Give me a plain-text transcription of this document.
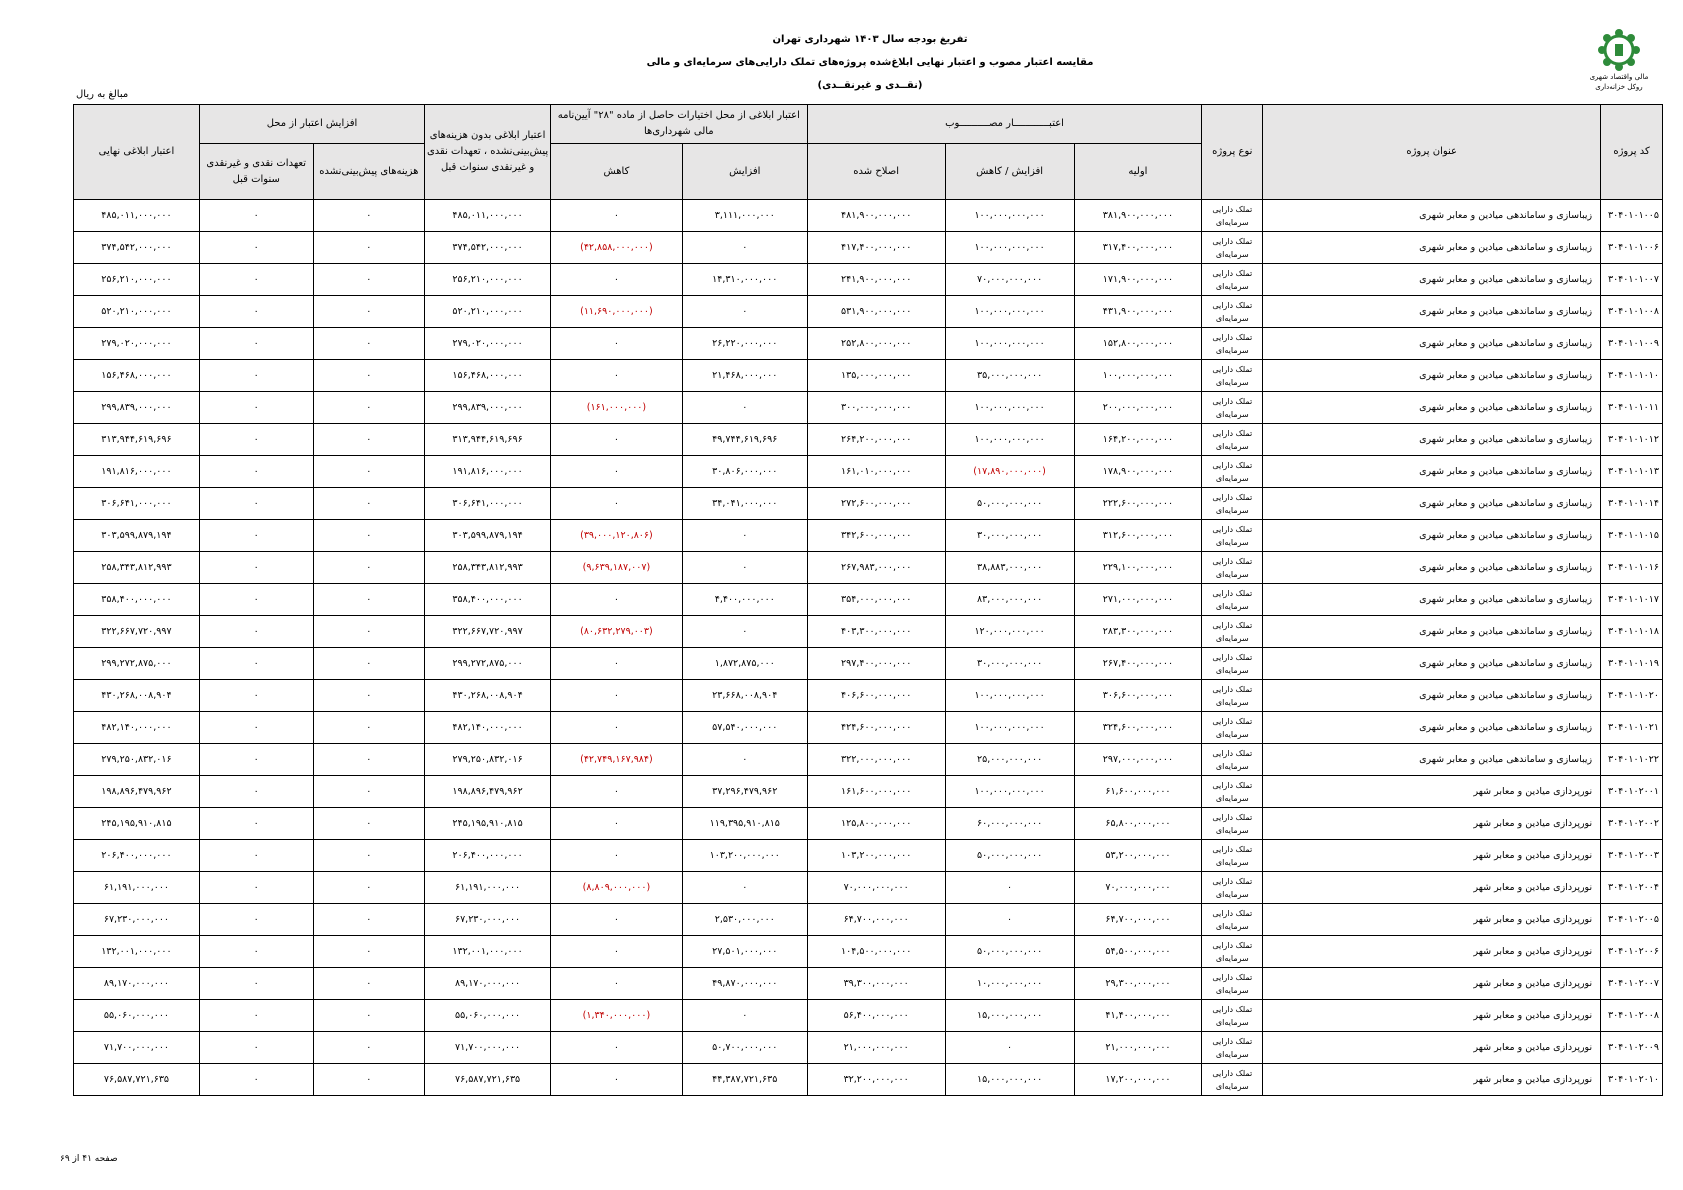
مالی واقتصاد شهری
روکل خزانه‌داری
تفریغ بودجه سال ۱۴۰۳ شهرداری تهران
مقایسه اعتبار مصوب و اعتبار نهایی ابلاغ‌شده پروژه‌های تملک دارایی‌های سرمایه‌ای و مالی
(نقــدی و غیرنقــدی)
مبالغ به ریال
کد پروژه	عنوان پروژه	نوع پروژه	اعتبــــــــــــار مصــــــــــوب			اعتبار ابلاغی از محل اختیارات حاصل از ماده "۲۸" آیین‌نامه مالی شهرداری‌ها		اعتبار ابلاغی بدون هزینه‌های پیش‌بینی‌نشده ، تعهدات نقدی و غیرنقدی سنوات قبل	افزایش اعتبار از محل		اعتبار ابلاغی نهایی
			اولیه	افزایش / کاهش	اصلاح شده	افزایش	کاهش		هزینه‌های پیش‌بینی‌نشده	تعهدات نقدی و غیرنقدی سنوات قبل	
۳۰۴۰۱۰۱۰۰۵	زیباسازی و ساماندهی میادین و معابر شهری	تملک دارایی
سرمایه‌ای	۳۸۱,۹۰۰,۰۰۰,۰۰۰	۱۰۰,۰۰۰,۰۰۰,۰۰۰	۴۸۱,۹۰۰,۰۰۰,۰۰۰	۳,۱۱۱,۰۰۰,۰۰۰	۰	۴۸۵,۰۱۱,۰۰۰,۰۰۰	۰	۰	۴۸۵,۰۱۱,۰۰۰,۰۰۰
۳۰۴۰۱۰۱۰۰۶	زیباسازی و ساماندهی میادین و معابر شهری	تملک دارایی
سرمایه‌ای	۳۱۷,۴۰۰,۰۰۰,۰۰۰	۱۰۰,۰۰۰,۰۰۰,۰۰۰	۴۱۷,۴۰۰,۰۰۰,۰۰۰	۰	(۴۲,۸۵۸,۰۰۰,۰۰۰)	۳۷۴,۵۴۲,۰۰۰,۰۰۰	۰	۰	۳۷۴,۵۴۲,۰۰۰,۰۰۰
۳۰۴۰۱۰۱۰۰۷	زیباسازی و ساماندهی میادین و معابر شهری	تملک دارایی
سرمایه‌ای	۱۷۱,۹۰۰,۰۰۰,۰۰۰	۷۰,۰۰۰,۰۰۰,۰۰۰	۲۴۱,۹۰۰,۰۰۰,۰۰۰	۱۴,۳۱۰,۰۰۰,۰۰۰	۰	۲۵۶,۲۱۰,۰۰۰,۰۰۰	۰	۰	۲۵۶,۲۱۰,۰۰۰,۰۰۰
۳۰۴۰۱۰۱۰۰۸	زیباسازی و ساماندهی میادین و معابر شهری	تملک دارایی
سرمایه‌ای	۴۳۱,۹۰۰,۰۰۰,۰۰۰	۱۰۰,۰۰۰,۰۰۰,۰۰۰	۵۳۱,۹۰۰,۰۰۰,۰۰۰	۰	(۱۱,۶۹۰,۰۰۰,۰۰۰)	۵۲۰,۲۱۰,۰۰۰,۰۰۰	۰	۰	۵۲۰,۲۱۰,۰۰۰,۰۰۰
۳۰۴۰۱۰۱۰۰۹	زیباسازی و ساماندهی میادین و معابر شهری	تملک دارایی
سرمایه‌ای	۱۵۲,۸۰۰,۰۰۰,۰۰۰	۱۰۰,۰۰۰,۰۰۰,۰۰۰	۲۵۲,۸۰۰,۰۰۰,۰۰۰	۲۶,۲۲۰,۰۰۰,۰۰۰	۰	۲۷۹,۰۲۰,۰۰۰,۰۰۰	۰	۰	۲۷۹,۰۲۰,۰۰۰,۰۰۰
۳۰۴۰۱۰۱۰۱۰	زیباسازی و ساماندهی میادین و معابر شهری	تملک دارایی
سرمایه‌ای	۱۰۰,۰۰۰,۰۰۰,۰۰۰	۳۵,۰۰۰,۰۰۰,۰۰۰	۱۳۵,۰۰۰,۰۰۰,۰۰۰	۲۱,۴۶۸,۰۰۰,۰۰۰	۰	۱۵۶,۴۶۸,۰۰۰,۰۰۰	۰	۰	۱۵۶,۴۶۸,۰۰۰,۰۰۰
۳۰۴۰۱۰۱۰۱۱	زیباسازی و ساماندهی میادین و معابر شهری	تملک دارایی
سرمایه‌ای	۲۰۰,۰۰۰,۰۰۰,۰۰۰	۱۰۰,۰۰۰,۰۰۰,۰۰۰	۳۰۰,۰۰۰,۰۰۰,۰۰۰	۰	(۱۶۱,۰۰۰,۰۰۰)	۲۹۹,۸۳۹,۰۰۰,۰۰۰	۰	۰	۲۹۹,۸۳۹,۰۰۰,۰۰۰
۳۰۴۰۱۰۱۰۱۲	زیباسازی و ساماندهی میادین و معابر شهری	تملک دارایی
سرمایه‌ای	۱۶۴,۲۰۰,۰۰۰,۰۰۰	۱۰۰,۰۰۰,۰۰۰,۰۰۰	۲۶۴,۲۰۰,۰۰۰,۰۰۰	۴۹,۷۴۴,۶۱۹,۶۹۶	۰	۳۱۳,۹۴۴,۶۱۹,۶۹۶	۰	۰	۳۱۳,۹۴۴,۶۱۹,۶۹۶
۳۰۴۰۱۰۱۰۱۳	زیباسازی و ساماندهی میادین و معابر شهری	تملک دارایی
سرمایه‌ای	۱۷۸,۹۰۰,۰۰۰,۰۰۰	(۱۷,۸۹۰,۰۰۰,۰۰۰)	۱۶۱,۰۱۰,۰۰۰,۰۰۰	۳۰,۸۰۶,۰۰۰,۰۰۰	۰	۱۹۱,۸۱۶,۰۰۰,۰۰۰	۰	۰	۱۹۱,۸۱۶,۰۰۰,۰۰۰
۳۰۴۰۱۰۱۰۱۴	زیباسازی و ساماندهی میادین و معابر شهری	تملک دارایی
سرمایه‌ای	۲۲۲,۶۰۰,۰۰۰,۰۰۰	۵۰,۰۰۰,۰۰۰,۰۰۰	۲۷۲,۶۰۰,۰۰۰,۰۰۰	۳۴,۰۴۱,۰۰۰,۰۰۰	۰	۳۰۶,۶۴۱,۰۰۰,۰۰۰	۰	۰	۳۰۶,۶۴۱,۰۰۰,۰۰۰
۳۰۴۰۱۰۱۰۱۵	زیباسازی و ساماندهی میادین و معابر شهری	تملک دارایی
سرمایه‌ای	۳۱۲,۶۰۰,۰۰۰,۰۰۰	۳۰,۰۰۰,۰۰۰,۰۰۰	۳۴۲,۶۰۰,۰۰۰,۰۰۰	۰	(۳۹,۰۰۰,۱۲۰,۸۰۶)	۳۰۳,۵۹۹,۸۷۹,۱۹۴	۰	۰	۳۰۳,۵۹۹,۸۷۹,۱۹۴
۳۰۴۰۱۰۱۰۱۶	زیباسازی و ساماندهی میادین و معابر شهری	تملک دارایی
سرمایه‌ای	۲۲۹,۱۰۰,۰۰۰,۰۰۰	۳۸,۸۸۳,۰۰۰,۰۰۰	۲۶۷,۹۸۳,۰۰۰,۰۰۰	۰	(۹,۶۳۹,۱۸۷,۰۰۷)	۲۵۸,۳۴۳,۸۱۲,۹۹۳	۰	۰	۲۵۸,۳۴۳,۸۱۲,۹۹۳
۳۰۴۰۱۰۱۰۱۷	زیباسازی و ساماندهی میادین و معابر شهری	تملک دارایی
سرمایه‌ای	۲۷۱,۰۰۰,۰۰۰,۰۰۰	۸۳,۰۰۰,۰۰۰,۰۰۰	۳۵۴,۰۰۰,۰۰۰,۰۰۰	۴,۴۰۰,۰۰۰,۰۰۰	۰	۳۵۸,۴۰۰,۰۰۰,۰۰۰	۰	۰	۳۵۸,۴۰۰,۰۰۰,۰۰۰
۳۰۴۰۱۰۱۰۱۸	زیباسازی و ساماندهی میادین و معابر شهری	تملک دارایی
سرمایه‌ای	۲۸۳,۳۰۰,۰۰۰,۰۰۰	۱۲۰,۰۰۰,۰۰۰,۰۰۰	۴۰۳,۳۰۰,۰۰۰,۰۰۰	۰	(۸۰,۶۳۲,۲۷۹,۰۰۳)	۳۲۲,۶۶۷,۷۲۰,۹۹۷	۰	۰	۳۲۲,۶۶۷,۷۲۰,۹۹۷
۳۰۴۰۱۰۱۰۱۹	زیباسازی و ساماندهی میادین و معابر شهری	تملک دارایی
سرمایه‌ای	۲۶۷,۴۰۰,۰۰۰,۰۰۰	۳۰,۰۰۰,۰۰۰,۰۰۰	۲۹۷,۴۰۰,۰۰۰,۰۰۰	۱,۸۷۲,۸۷۵,۰۰۰	۰	۲۹۹,۲۷۲,۸۷۵,۰۰۰	۰	۰	۲۹۹,۲۷۲,۸۷۵,۰۰۰
۳۰۴۰۱۰۱۰۲۰	زیباسازی و ساماندهی میادین و معابر شهری	تملک دارایی
سرمایه‌ای	۳۰۶,۶۰۰,۰۰۰,۰۰۰	۱۰۰,۰۰۰,۰۰۰,۰۰۰	۴۰۶,۶۰۰,۰۰۰,۰۰۰	۲۳,۶۶۸,۰۰۸,۹۰۴	۰	۴۳۰,۲۶۸,۰۰۸,۹۰۴	۰	۰	۴۳۰,۲۶۸,۰۰۸,۹۰۴
۳۰۴۰۱۰۱۰۲۱	زیباسازی و ساماندهی میادین و معابر شهری	تملک دارایی
سرمایه‌ای	۳۲۴,۶۰۰,۰۰۰,۰۰۰	۱۰۰,۰۰۰,۰۰۰,۰۰۰	۴۲۴,۶۰۰,۰۰۰,۰۰۰	۵۷,۵۴۰,۰۰۰,۰۰۰	۰	۴۸۲,۱۴۰,۰۰۰,۰۰۰	۰	۰	۴۸۲,۱۴۰,۰۰۰,۰۰۰
۳۰۴۰۱۰۱۰۲۲	زیباسازی و ساماندهی میادین و معابر شهری	تملک دارایی
سرمایه‌ای	۲۹۷,۰۰۰,۰۰۰,۰۰۰	۲۵,۰۰۰,۰۰۰,۰۰۰	۳۲۲,۰۰۰,۰۰۰,۰۰۰	۰	(۴۲,۷۴۹,۱۶۷,۹۸۴)	۲۷۹,۲۵۰,۸۳۲,۰۱۶	۰	۰	۲۷۹,۲۵۰,۸۳۲,۰۱۶
۳۰۴۰۱۰۲۰۰۱	نورپردازی میادین و معابر شهر	تملک دارایی
سرمایه‌ای	۶۱,۶۰۰,۰۰۰,۰۰۰	۱۰۰,۰۰۰,۰۰۰,۰۰۰	۱۶۱,۶۰۰,۰۰۰,۰۰۰	۳۷,۲۹۶,۴۷۹,۹۶۲	۰	۱۹۸,۸۹۶,۴۷۹,۹۶۲	۰	۰	۱۹۸,۸۹۶,۴۷۹,۹۶۲
۳۰۴۰۱۰۲۰۰۲	نورپردازی میادین و معابر شهر	تملک دارایی
سرمایه‌ای	۶۵,۸۰۰,۰۰۰,۰۰۰	۶۰,۰۰۰,۰۰۰,۰۰۰	۱۲۵,۸۰۰,۰۰۰,۰۰۰	۱۱۹,۳۹۵,۹۱۰,۸۱۵	۰	۲۴۵,۱۹۵,۹۱۰,۸۱۵	۰	۰	۲۴۵,۱۹۵,۹۱۰,۸۱۵
۳۰۴۰۱۰۲۰۰۳	نورپردازی میادین و معابر شهر	تملک دارایی
سرمایه‌ای	۵۳,۲۰۰,۰۰۰,۰۰۰	۵۰,۰۰۰,۰۰۰,۰۰۰	۱۰۳,۲۰۰,۰۰۰,۰۰۰	۱۰۳,۲۰۰,۰۰۰,۰۰۰	۰	۲۰۶,۴۰۰,۰۰۰,۰۰۰	۰	۰	۲۰۶,۴۰۰,۰۰۰,۰۰۰
۳۰۴۰۱۰۲۰۰۴	نورپردازی میادین و معابر شهر	تملک دارایی
سرمایه‌ای	۷۰,۰۰۰,۰۰۰,۰۰۰	۰	۷۰,۰۰۰,۰۰۰,۰۰۰	۰	(۸,۸۰۹,۰۰۰,۰۰۰)	۶۱,۱۹۱,۰۰۰,۰۰۰	۰	۰	۶۱,۱۹۱,۰۰۰,۰۰۰
۳۰۴۰۱۰۲۰۰۵	نورپردازی میادین و معابر شهر	تملک دارایی
سرمایه‌ای	۶۴,۷۰۰,۰۰۰,۰۰۰	۰	۶۴,۷۰۰,۰۰۰,۰۰۰	۲,۵۳۰,۰۰۰,۰۰۰	۰	۶۷,۲۳۰,۰۰۰,۰۰۰	۰	۰	۶۷,۲۳۰,۰۰۰,۰۰۰
۳۰۴۰۱۰۲۰۰۶	نورپردازی میادین و معابر شهر	تملک دارایی
سرمایه‌ای	۵۴,۵۰۰,۰۰۰,۰۰۰	۵۰,۰۰۰,۰۰۰,۰۰۰	۱۰۴,۵۰۰,۰۰۰,۰۰۰	۲۷,۵۰۱,۰۰۰,۰۰۰	۰	۱۳۲,۰۰۱,۰۰۰,۰۰۰	۰	۰	۱۳۲,۰۰۱,۰۰۰,۰۰۰
۳۰۴۰۱۰۲۰۰۷	نورپردازی میادین و معابر شهر	تملک دارایی
سرمایه‌ای	۲۹,۳۰۰,۰۰۰,۰۰۰	۱۰,۰۰۰,۰۰۰,۰۰۰	۳۹,۳۰۰,۰۰۰,۰۰۰	۴۹,۸۷۰,۰۰۰,۰۰۰	۰	۸۹,۱۷۰,۰۰۰,۰۰۰	۰	۰	۸۹,۱۷۰,۰۰۰,۰۰۰
۳۰۴۰۱۰۲۰۰۸	نورپردازی میادین و معابر شهر	تملک دارایی
سرمایه‌ای	۴۱,۴۰۰,۰۰۰,۰۰۰	۱۵,۰۰۰,۰۰۰,۰۰۰	۵۶,۴۰۰,۰۰۰,۰۰۰	۰	(۱,۳۴۰,۰۰۰,۰۰۰)	۵۵,۰۶۰,۰۰۰,۰۰۰	۰	۰	۵۵,۰۶۰,۰۰۰,۰۰۰
۳۰۴۰۱۰۲۰۰۹	نورپردازی میادین و معابر شهر	تملک دارایی
سرمایه‌ای	۲۱,۰۰۰,۰۰۰,۰۰۰	۰	۲۱,۰۰۰,۰۰۰,۰۰۰	۵۰,۷۰۰,۰۰۰,۰۰۰	۰	۷۱,۷۰۰,۰۰۰,۰۰۰	۰	۰	۷۱,۷۰۰,۰۰۰,۰۰۰
۳۰۴۰۱۰۲۰۱۰	نورپردازی میادین و معابر شهر	تملک دارایی
سرمایه‌ای	۱۷,۲۰۰,۰۰۰,۰۰۰	۱۵,۰۰۰,۰۰۰,۰۰۰	۳۲,۲۰۰,۰۰۰,۰۰۰	۴۴,۳۸۷,۷۲۱,۶۳۵	۰	۷۶,۵۸۷,۷۲۱,۶۳۵	۰	۰	۷۶,۵۸۷,۷۲۱,۶۳۵
صفحه ۴۱ از ۶۹
